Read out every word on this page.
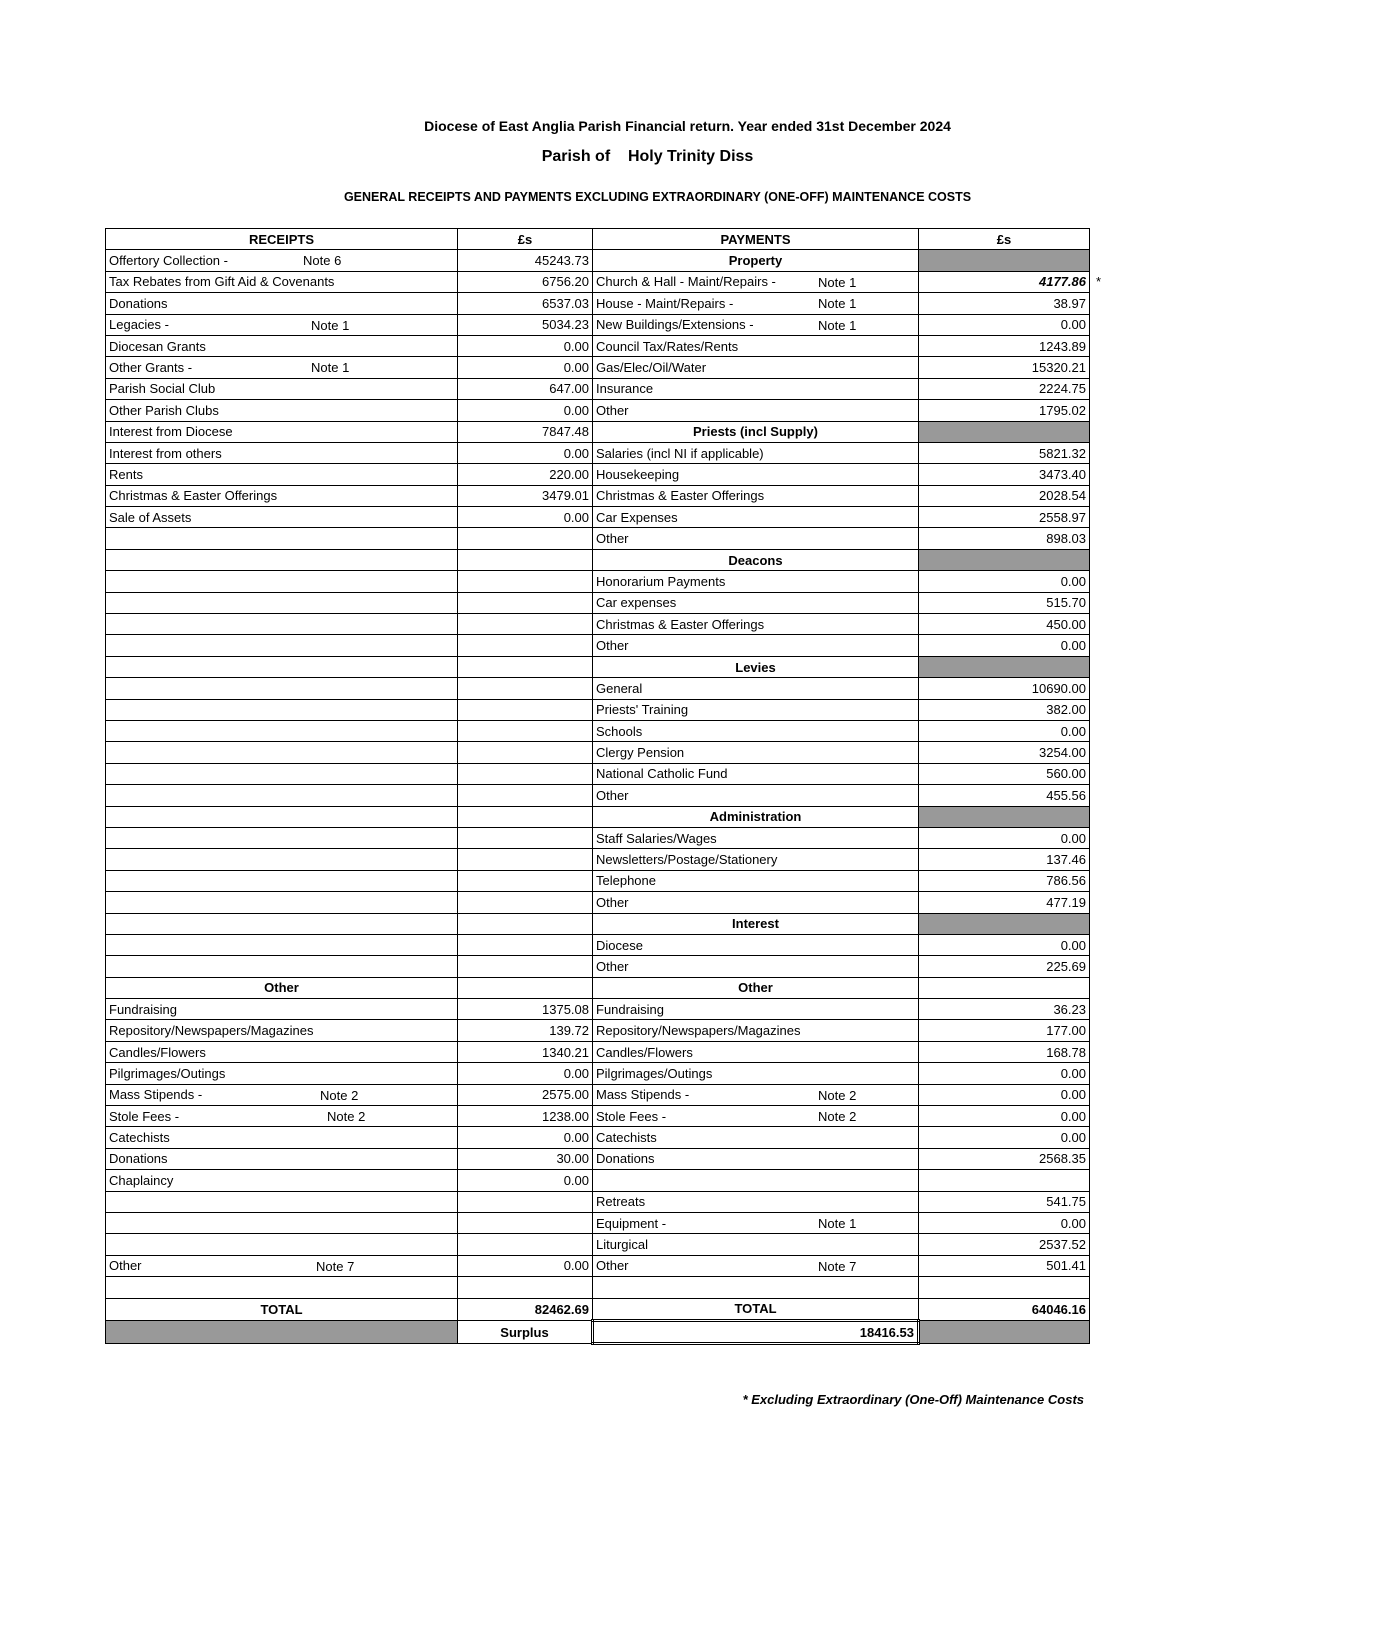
Diocese of East Anglia Parish Financial return. Year ended 31st December 2024
Parish of Holy Trinity Diss
GENERAL RECEIPTS AND PAYMENTS EXCLUDING EXTRAORDINARY (ONE-OFF) MAINTENANCE COSTS
RECEIPTS	£s	PAYMENTS	£s
Offertory Collection - Note 6	45243.73	Property	
Tax Rebates from Gift Aid & Covenants	6756.20	Church & Hall - Maint/Repairs - Note 1	4177.86 *

Donations	6537.03	House - Maint/Repairs - Note 1	38.97
Legacies - Note 1	5034.23	New Buildings/Extensions - Note 1	0.00
Diocesan Grants	0.00	Council Tax/Rates/Rents	1243.89
Other Grants - Note 1	0.00	Gas/Elec/Oil/Water	15320.21
Parish Social Club	647.00	Insurance	2224.75
Other Parish Clubs	0.00	Other	1795.02
Interest from Diocese	7847.48	Priests (incl Supply)	
Interest from others	0.00	Salaries (incl NI if applicable)	5821.32
Rents	220.00	Housekeeping	3473.40
Christmas & Easter Offerings	3479.01	Christmas & Easter Offerings	2028.54
Sale of Assets	0.00	Car Expenses	2558.97
		Other	898.03
		Deacons	
		Honorarium Payments	0.00
		Car expenses	515.70
		Christmas & Easter Offerings	450.00
		Other	0.00
		Levies	
		General	10690.00
		Priests' Training	382.00
		Schools	0.00
		Clergy Pension	3254.00
		National Catholic Fund	560.00
		Other	455.56
		Administration	
		Staff Salaries/Wages	0.00
		Newsletters/Postage/Stationery	137.46
		Telephone	786.56
		Other	477.19
		Interest	
		Diocese	0.00
		Other	225.69
Other		Other	
Fundraising	1375.08	Fundraising	36.23
Repository/Newspapers/Magazines	139.72	Repository/Newspapers/Magazines	177.00
Candles/Flowers	1340.21	Candles/Flowers	168.78
Pilgrimages/Outings	0.00	Pilgrimages/Outings	0.00
Mass Stipends - Note 2	2575.00	Mass Stipends - Note 2	0.00
Stole Fees - Note 2	1238.00	Stole Fees - Note 2	0.00
Catechists	0.00	Catechists	0.00
Donations	30.00	Donations	2568.35
Chaplaincy	0.00		
		Retreats	541.75
		Equipment - Note 1	0.00
		Liturgical	2537.52
Other Note 7	0.00	Other Note 7	501.41

TOTAL	82462.69	TOTAL	64046.16
	Surplus	18416.53	
* Excluding Extraordinary (One-Off) Maintenance Costs
